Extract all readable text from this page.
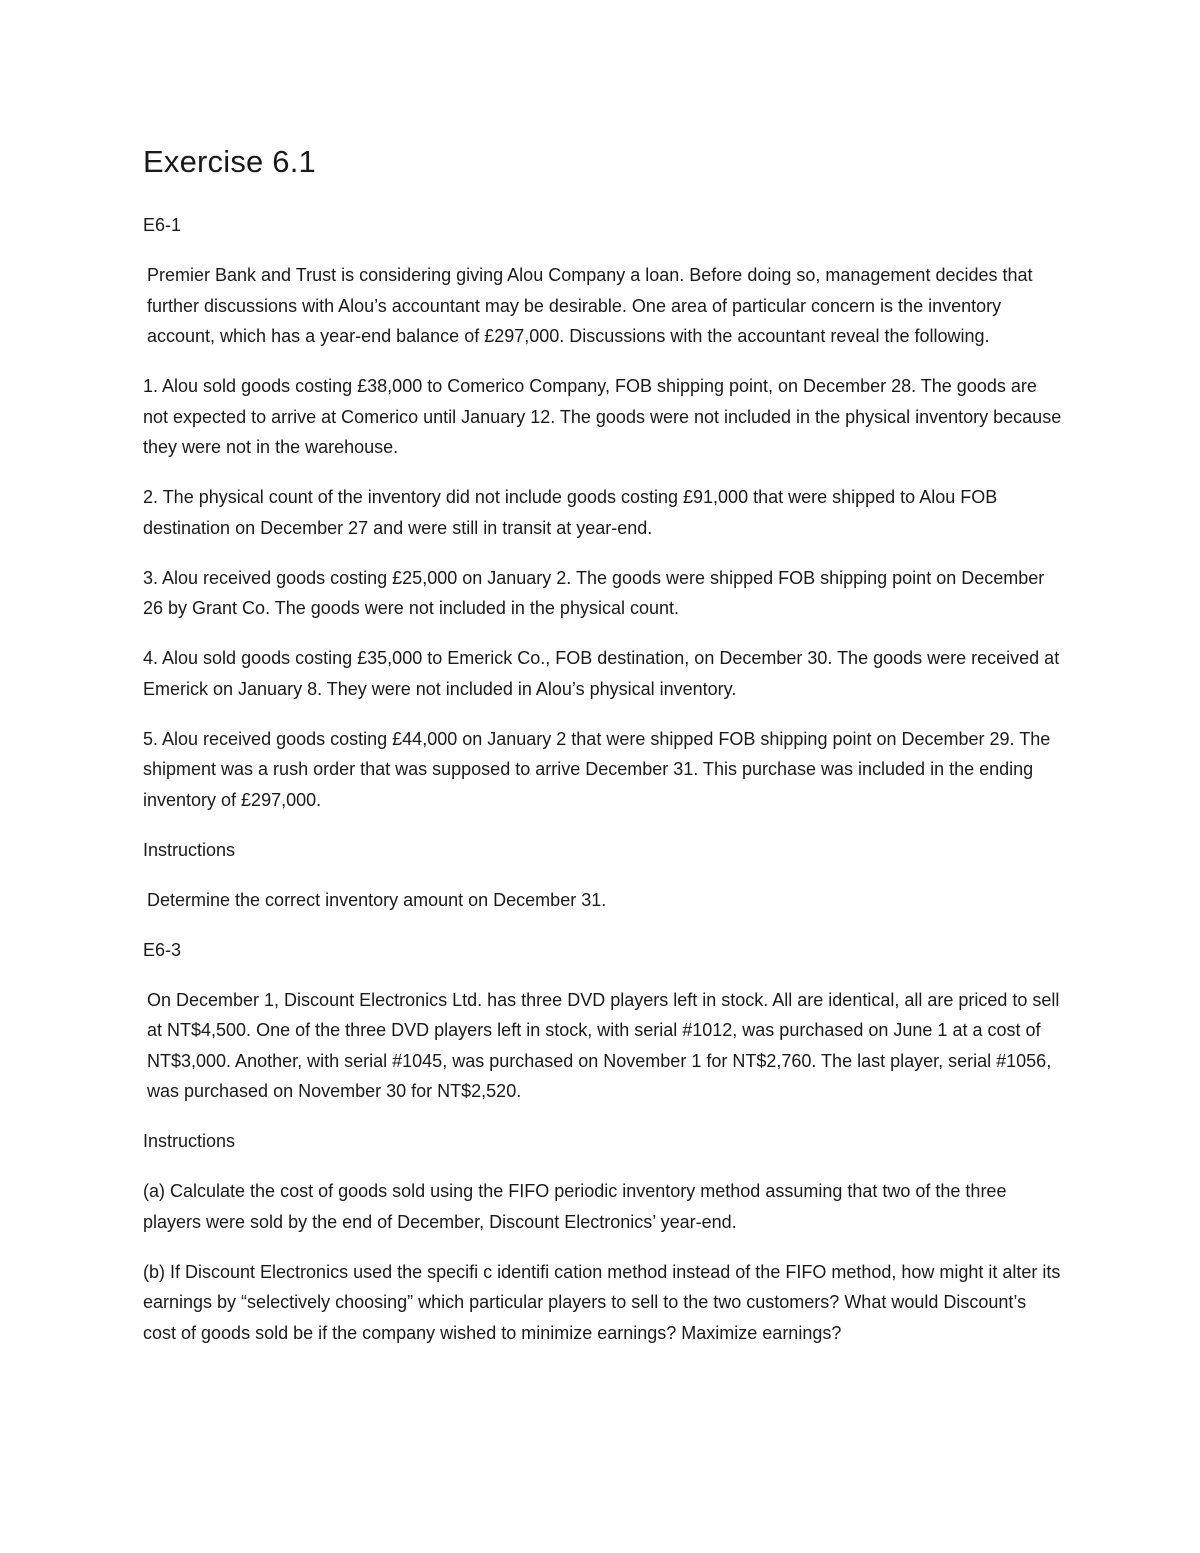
Exercise 6.1
E6-1
Premier Bank and Trust is considering giving Alou Company a loan. Before doing so, management decides that further discussions with Alou’s accountant may be desirable. One area of particular concern is the inventory account, which has a year-end balance of £297,000. Discussions with the accountant reveal the following.
1. Alou sold goods costing £38,000 to Comerico Company, FOB shipping point, on December 28. The goods are not expected to arrive at Comerico until January 12. The goods were not included in the physical inventory because they were not in the warehouse.
2. The physical count of the inventory did not include goods costing £91,000 that were shipped to Alou FOB destination on December 27 and were still in transit at year-end.
3. Alou received goods costing £25,000 on January 2. The goods were shipped FOB shipping point on December 26 by Grant Co. The goods were not included in the physical count.
4. Alou sold goods costing £35,000 to Emerick Co., FOB destination, on December 30. The goods were received at Emerick on January 8. They were not included in Alou’s physical inventory.
5. Alou received goods costing £44,000 on January 2 that were shipped FOB shipping point on December 29. The shipment was a rush order that was supposed to arrive December 31. This purchase was included in the ending inventory of £297,000.
Instructions
Determine the correct inventory amount on December 31.
E6-3
On December 1, Discount Electronics Ltd. has three DVD players left in stock. All are identical, all are priced to sell at NT$4,500. One of the three DVD players left in stock, with serial #1012, was purchased on June 1 at a cost of NT$3,000. Another, with serial #1045, was purchased on November 1 for NT$2,760. The last player, serial #1056, was purchased on November 30 for NT$2,520.
Instructions
(a) Calculate the cost of goods sold using the FIFO periodic inventory method assuming that two of the three players were sold by the end of December, Discount Electronics’ year-end.
(b) If Discount Electronics used the specifi c identifi cation method instead of the FIFO method, how might it alter its earnings by “selectively choosing” which particular players to sell to the two customers? What would Discount’s cost of goods sold be if the company wished to minimize earnings? Maximize earnings?
